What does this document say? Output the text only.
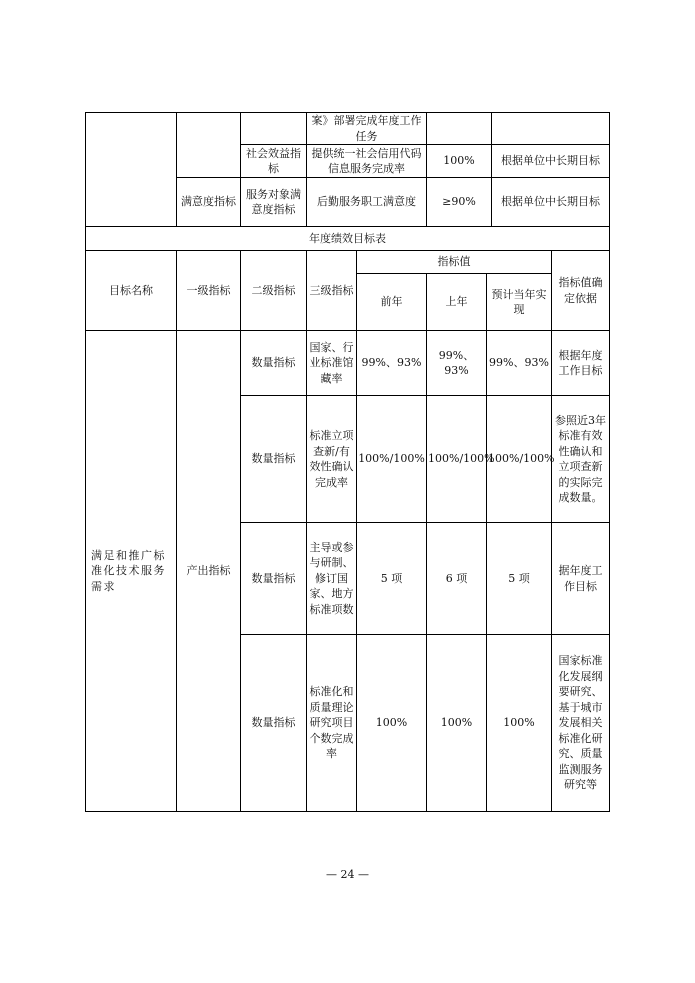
			案》部署完成年度工作任务		
		社会效益指标	提供统一社会信用代码信息服务完成率	100%	根据单位中长期目标
	满意度指标	服务对象满意度指标	后勤服务职工满意度	≥90%	根据单位中长期目标
年度绩效目标表							
目标名称	一级指标	二级指标	三级指标	指标值			指标值确定依据
				前年	上年	预计当年实现	
满足和推广标准化技术服务需求	产出指标	数量指标	国家、行业标准馆藏率	99%、93%	99%、93%	99%、93%	根据年度工作目标
		数量指标	标准立项查新/有效性确认完成率	100%/100%	100%/100%	100%/100%	参照近3年标准有效性确认和立项查新的实际完成数量。
		数量指标	主导或参与研制、修订国家、地方标准项数	5 项	6 项	5 项	据年度工作目标
		数量指标	标准化和质量理论研究项目个数完成率	100%	100%	100%	国家标准化发展纲要研究、基于城市发展相关标准化研究、质量监测服务研究等
— 24 —
